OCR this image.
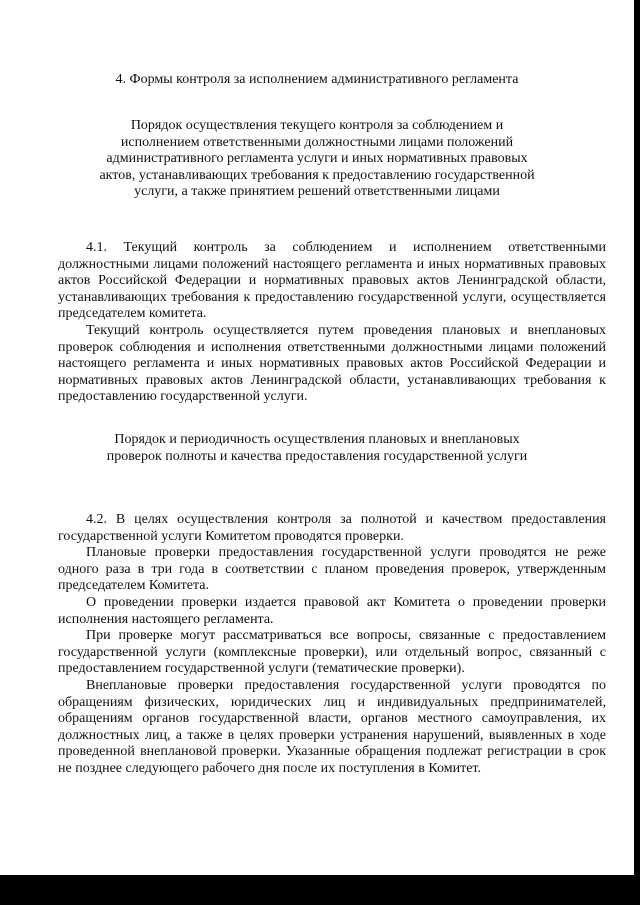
4. Формы контроля за исполнением административного регламента
Порядок осуществления текущего контроля за соблюдением и исполнением ответственными должностными лицами положений административного регламента услуги и иных нормативных правовых актов, устанавливающих требования к предоставлению государственной услуги, а также принятием решений ответственными лицами

4.1. Текущий контроль за соблюдением и исполнением ответственными должностными лицами положений настоящего регламента и иных нормативных правовых актов Российской Федерации и нормативных правовых актов Ленинградской области, устанавливающих требования к предоставлению государственной услуги, осуществляется председателем комитета.

Текущий контроль осуществляется путем проведения плановых и внеплановых проверок соблюдения и исполнения ответственными должностными лицами положений настоящего регламента и иных нормативных правовых актов Российской Федерации и нормативных правовых актов Ленинградской области, устанавливающих требования к предоставлению государственной услуги.

Порядок и периодичность осуществления плановых и внеплановых проверок полноты и качества предоставления государственной услуги

4.2. В целях осуществления контроля за полнотой и качеством предоставления государственной услуги Комитетом проводятся проверки.

Плановые проверки предоставления государственной услуги проводятся не реже одного раза в три года в соответствии с планом проведения проверок, утвержденным председателем Комитета.

О проведении проверки издается правовой акт Комитета о проведении проверки исполнения настоящего регламента.

При проверке могут рассматриваться все вопросы, связанные с предоставлением государственной услуги (комплексные проверки), или отдельный вопрос, связанный с предоставлением государственной услуги (тематические проверки).

Внеплановые проверки предоставления государственной услуги проводятся по обращениям физических, юридических лиц и индивидуальных предпринимателей, обращениям органов государственной власти, органов местного самоуправления, их должностных лиц, а также в целях проверки устранения нарушений, выявленных в ходе проведенной внеплановой проверки. Указанные обращения подлежат регистрации в срок не позднее следующего рабочего дня после их поступления в Комитет.
